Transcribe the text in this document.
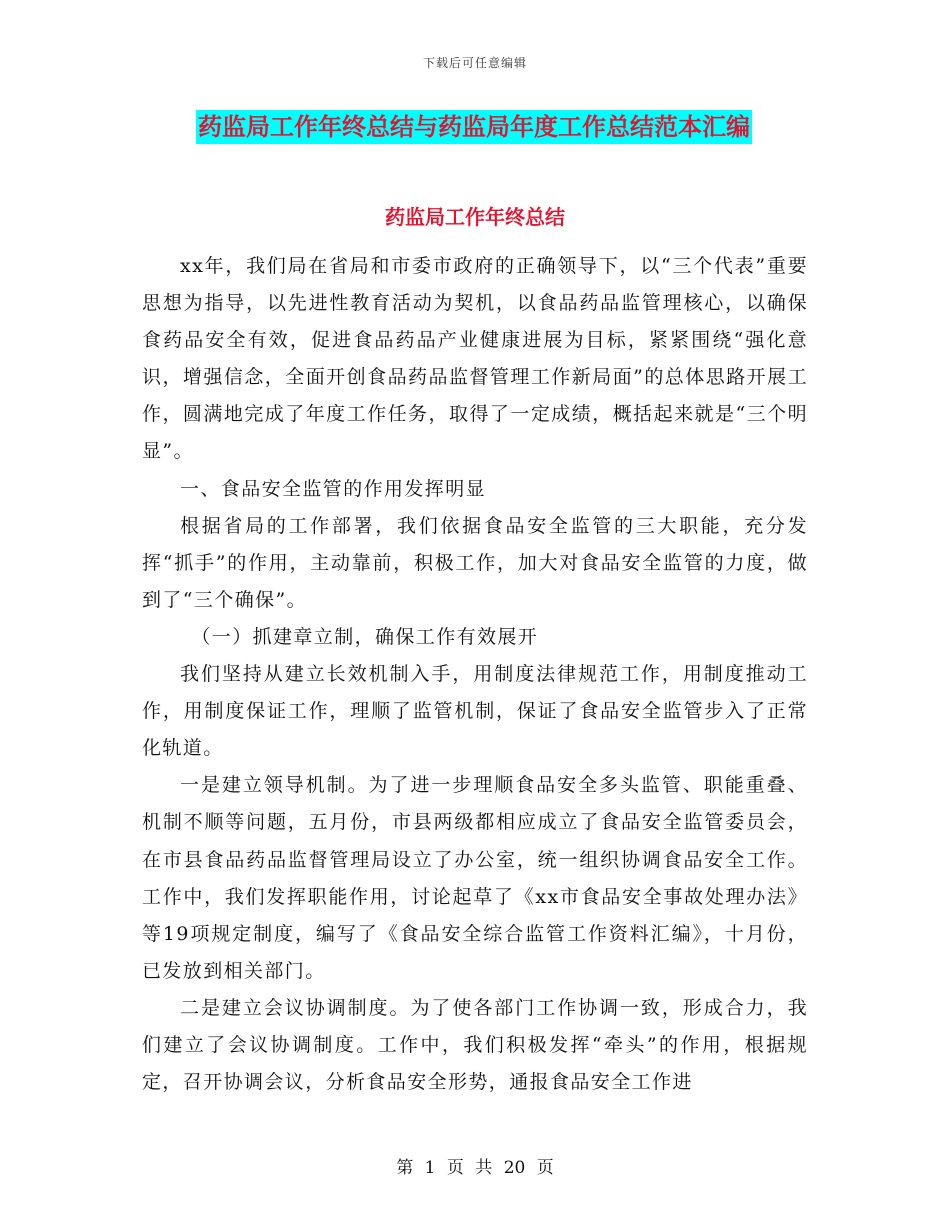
下载后可任意编辑
药监局工作年终总结与药监局年度工作总结范本汇编
药监局工作年终总结

xx年，我们局在省局和市委市政府的正确领导下，以“三个代表”重要思想为指导，以先进性教育活动为契机，以食品药品监管理核心，以确保食药品安全有效，促进食品药品产业健康进展为目标，紧紧围绕“强化意识，增强信念，全面开创食品药品监督管理工作新局面”的总体思路开展工作，圆满地完成了年度工作任务，取得了一定成绩，概括起来就是“三个明显”。

一、食品安全监管的作用发挥明显

根据省局的工作部署，我们依据食品安全监管的三大职能，充分发挥“抓手”的作用，主动靠前，积极工作，加大对食品安全监管的力度，做到了“三个确保”。

（一）抓建章立制，确保工作有效展开

我们坚持从建立长效机制入手，用制度法律规范工作，用制度推动工作，用制度保证工作，理顺了监管机制，保证了食品安全监管步入了正常化轨道。

一是建立领导机制。为了进一步理顺食品安全多头监管、职能重叠、机制不顺等问题，五月份，市县两级都相应成立了食品安全监管委员会，在市县食品药品监督管理局设立了办公室，统一组织协调食品安全工作。工作中，我们发挥职能作用，讨论起草了《xx市食品安全事故处理办法》等19项规定制度，编写了《食品安全综合监管工作资料汇编》，十月份，已发放到相关部门。

二是建立会议协调制度。为了使各部门工作协调一致，形成合力，我们建立了会议协调制度。工作中，我们积极发挥“牵头”的作用，根据规定，召开协调会议，分析食品安全形势，通报食品安全工作进

第 1 页 共 20 页
